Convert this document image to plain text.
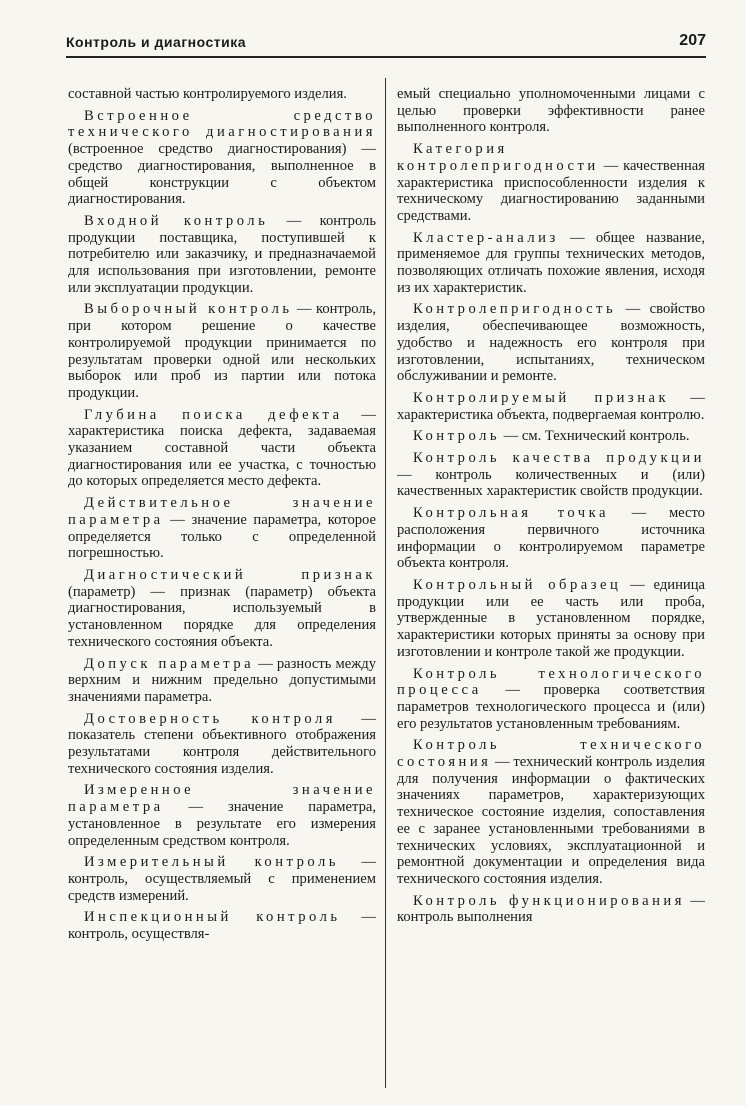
Контроль и диагностика	207

составной частью контролируемого изделия.

Встроенное средство технического диагностирования (встроенное средство диагностирования) — средство диагностирования, выполненное в общей конструкции с объектом диагностирования.

Входной контроль — контроль продукции поставщика, поступившей к потребителю или заказчику, и предназначаемой для использования при изготовлении, ремонте или эксплуатации продукции.

Выборочный контроль — контроль, при котором решение о качестве контролируемой продукции принимается по результатам проверки одной или нескольких выборок или проб из партии или потока продукции.

Глубина поиска дефекта — характеристика поиска дефекта, задаваемая указанием составной части объекта диагностирования или ее участка, с точностью до которых определяется место дефекта.

Действительное значение параметра — значение параметра, которое определяется только с определенной погрешностью.

Диагностический признак (параметр) — признак (параметр) объекта диагностирования, используемый в установленном порядке для определения технического состояния объекта.

Допуск параметра — разность между верхним и нижним предельно допустимыми значениями параметра.

Достоверность контроля — показатель степени объективного отображения результатами контроля действительного технического состояния изделия.

Измеренное значение параметра — значение параметра, установленное в результате его измерения определенным средством контроля.

Измерительный контроль — контроль, осуществляемый с применением средств измерений.

Инспекционный контроль — контроль, осуществля-

емый специально уполномоченными лицами с целью проверки эффективности ранее выполненного контроля.

Категория контролепригодности — качественная характеристика приспособленности изделия к техническому диагностированию заданными средствами.

Кластер-анализ — общее название, применяемое для группы технических методов, позволяющих отличать похожие явления, исходя из их характеристик.

Контролепригодность — свойство изделия, обеспечивающее возможность, удобство и надежность его контроля при изготовлении, испытаниях, техническом обслуживании и ремонте.

Контролируемый признак — характеристика объекта, подвергаемая контролю.

Контроль — см. Технический контроль.

Контроль качества продукции — контроль количественных и (или) качественных характеристик свойств продукции.

Контрольная точка — место расположения первичного источника информации о контролируемом параметре объекта контроля.

Контрольный образец — единица продукции или ее часть или проба, утвержденные в установленном порядке, характеристики которых приняты за основу при изготовлении и контроле такой же продукции.

Контроль технологического процесса — проверка соответствия параметров технологического процесса и (или) его результатов установленным требованиям.

Контроль технического состояния — технический контроль изделия для получения информации о фактических значениях параметров, характеризующих техническое состояние изделия, сопоставления ее с заранее установленными требованиями в технических условиях, эксплуатационной и ремонтной документации и определения вида технического состояния изделия.

Контроль функционирования — контроль выполнения
